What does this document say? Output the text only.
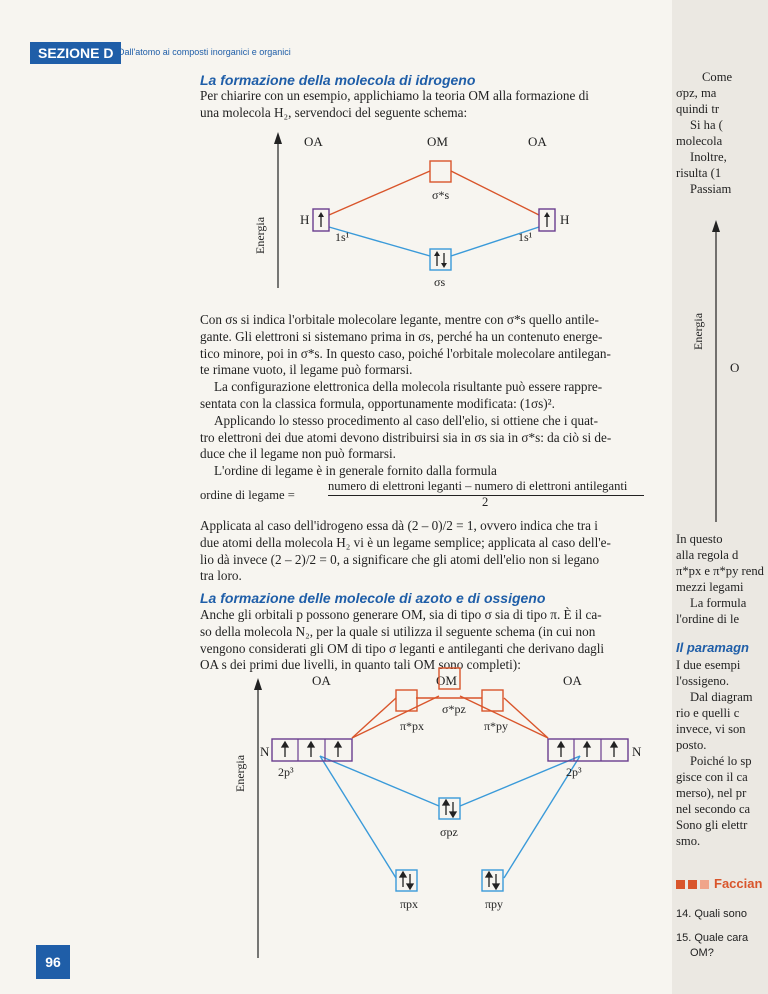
SEZIONE D Dall'atomo ai composti inorganici e organici
La formazione della molecola di idrogeno
Per chiarire con un esempio, applichiamo la teoria OM alla formazione di
una molecola H₂, servendoci del seguente schema:
Energia
OA	OM	OA
σ*s
H
1s¹
H
1s¹
σs
Con σs si indica l'orbitale molecolare legante, mentre con σ*s quello antile-
gante. Gli elettroni si sistemano prima in σs, perché ha un contenuto energe-
tico minore, poi in σ*s. In questo caso, poiché l'orbitale molecolare antilegan-
te rimane vuoto, il legame può formarsi.
La configurazione elettronica della molecola risultante può essere rappre-
sentata con la classica formula, opportunamente modificata: (1σs)².
Applicando lo stesso procedimento al caso dell'elio, si ottiene che i quat-
tro elettroni dei due atomi devono distribuirsi sia in σs sia in σ*s: da ciò si de-
duce che il legame non può formarsi.
L'ordine di legame è in generale fornito dalla formula
ordine di legame =
numero di elettroni leganti – numero di elettroni antileganti
2
Applicata al caso dell'idrogeno essa dà (2 – 0)/2 = 1, ovvero indica che tra i
due atomi della molecola H₂ vi è un legame semplice; applicata al caso dell'e-
lio dà invece (2 – 2)/2 = 0, a significare che gli atomi dell'elio non si legano
tra loro.
La formazione delle molecole di azoto e di ossigeno
Anche gli orbitali p possono generare OM, sia di tipo σ sia di tipo π. È il ca-
so della molecola N₂, per la quale si utilizza il seguente schema (in cui non
vengono considerati gli OM di tipo σ leganti e antileganti che derivano dagli
OA s dei primi due livelli, in quanto tali OM sono completi):
Energia
OA	OM	OA
σ*pz
π*px	π*py
N
2p³
N
2p³
σpz
πpx	πpy
96
Come
σpz, ma
quindi tr
Si ha (
molecola
Inoltre,
risulta (1
Passiam
Energia
O
In questo
alla regola d
π*px e π*py rend
mezzi legami
La formula
l'ordine di le
Il paramagn
I due esempi
l'ossigeno.
Dal diagram
rio e quelli c
invece, vi son
posto.
Poiché lo sp
gisce con il ca
merso), nel pr
nel secondo ca
Sono gli elettr
smo.
Faccian
14. Quali sono
15. Quale cara
OM?
